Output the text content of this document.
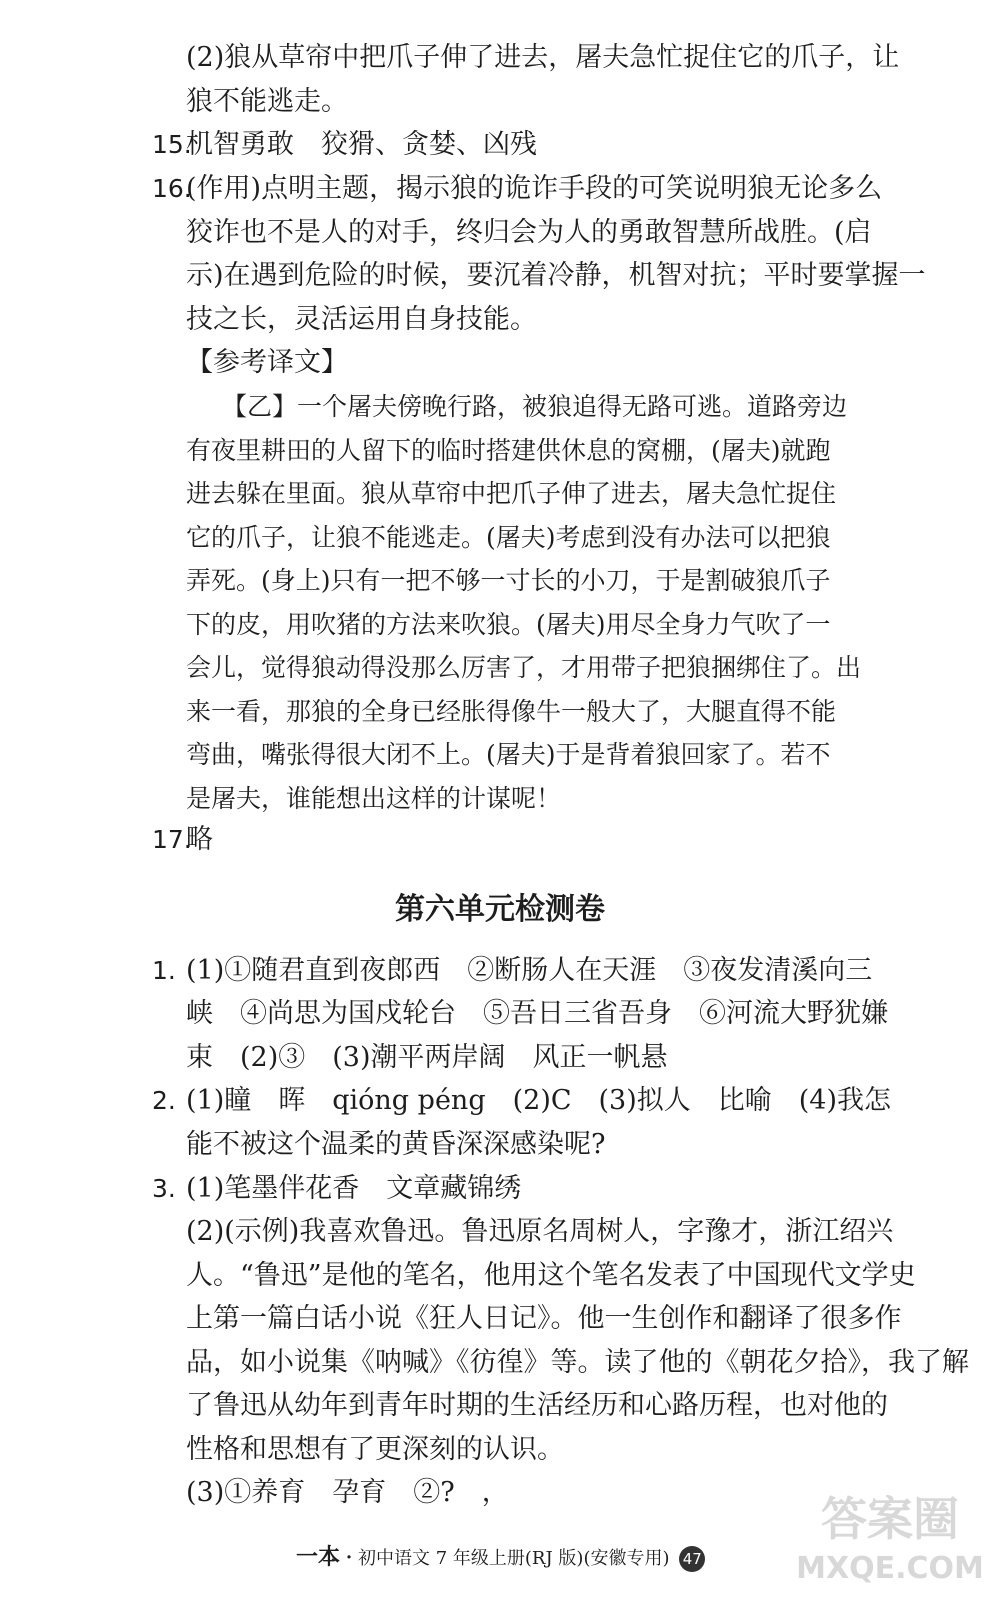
(2)狼从草帘中把爪子伸了进去，屠夫急忙捉住它的爪子，让
狼不能逃走。
15.
机智勇敢　狡猾、贪婪、凶残
16.
(作用)点明主题，揭示狼的诡诈手段的可笑说明狼无论多么
狡诈也不是人的对手，终归会为人的勇敢智慧所战胜。(启
示)在遇到危险的时候，要沉着冷静，机智对抗；平时要掌握一
技之长，灵活运用自身技能。
【参考译文】
【乙】一个屠夫傍晚行路，被狼追得无路可逃。道路旁边
有夜里耕田的人留下的临时搭建供休息的窝棚，(屠夫)就跑
进去躲在里面。狼从草帘中把爪子伸了进去，屠夫急忙捉住
它的爪子，让狼不能逃走。(屠夫)考虑到没有办法可以把狼
弄死。(身上)只有一把不够一寸长的小刀，于是割破狼爪子
下的皮，用吹猪的方法来吹狼。(屠夫)用尽全身力气吹了一
会儿，觉得狼动得没那么厉害了，才用带子把狼捆绑住了。出
来一看，那狼的全身已经胀得像牛一般大了，大腿直得不能
弯曲，嘴张得很大闭不上。(屠夫)于是背着狼回家了。若不
是屠夫，谁能想出这样的计谋呢！
17.
略
第六单元检测卷
1. (1)①随君直到夜郎西　②断肠人在天涯　③夜发清溪向三
峡　④尚思为国戍轮台　⑤吾日三省吾身　⑥河流大野犹嫌
束　(2)③　(3)潮平两岸阔　风正一帆悬
2. (1)瞳　晖　qióng péng　(2)C　(3)拟人　比喻　(4)我怎
能不被这个温柔的黄昏深深感染呢?
3. (1)笔墨伴花香　文章藏锦绣
(2)(示例)我喜欢鲁迅。鲁迅原名周树人，字豫才，浙江绍兴
人。“鲁迅”是他的笔名，他用这个笔名发表了中国现代文学史
上第一篇白话小说《狂人日记》。他一生创作和翻译了很多作
品，如小说集《呐喊》《彷徨》等。读了他的《朝花夕拾》，我了解
了鲁迅从幼年到青年时期的生活经历和心路历程，也对他的
性格和思想有了更深刻的认识。
(3)①养育　孕育　②?　，
一本・初中语文 7 年级上册(RJ 版)(安徽专用) 47
答案圈
MXQE.COM
